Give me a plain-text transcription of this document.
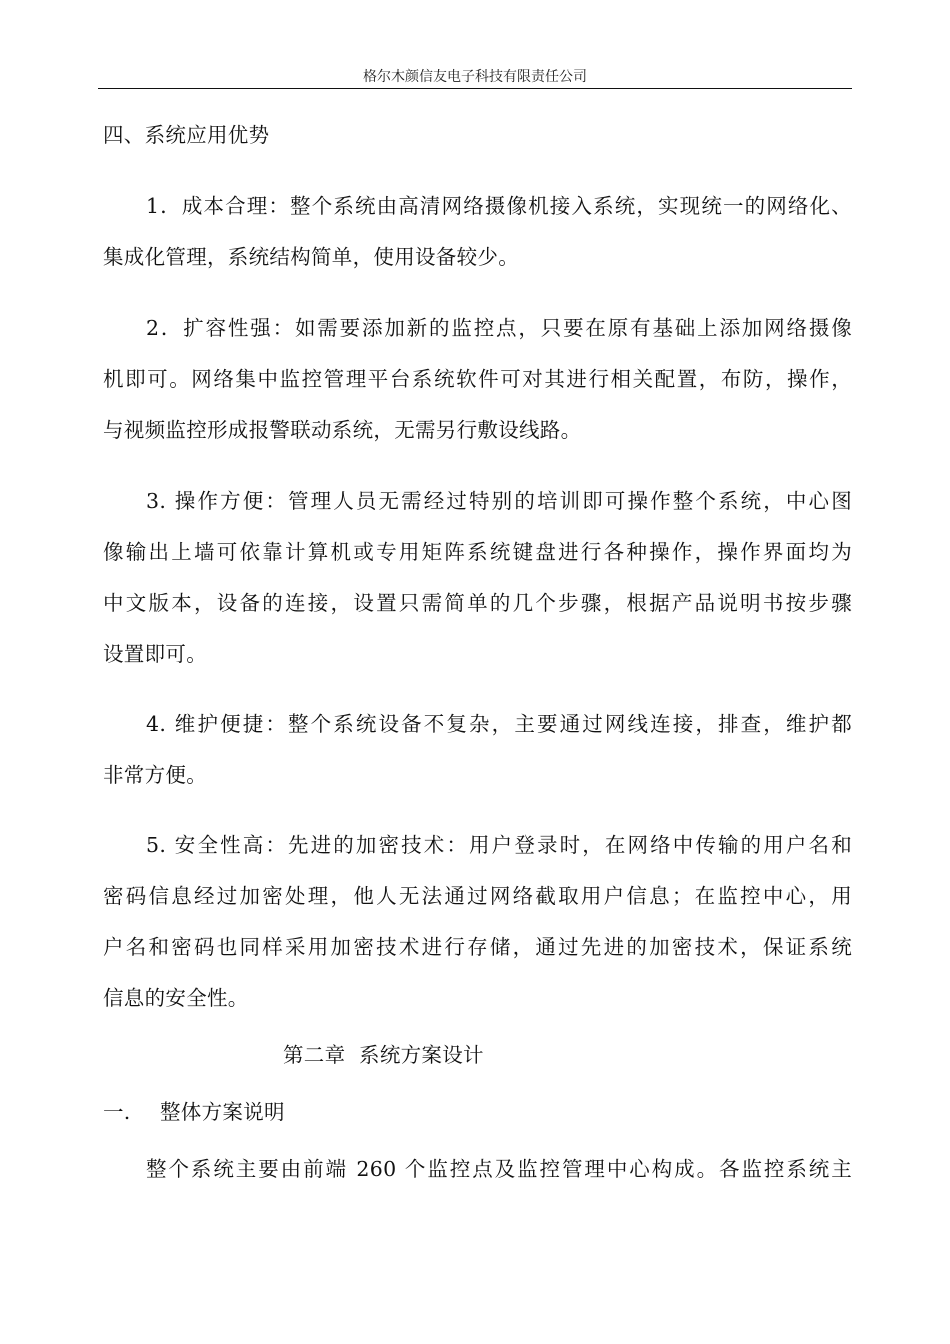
格尔木颜信友电子科技有限责任公司
四、系统应用优势
1．成本合理：整个系统由高清网络摄像机接入系统，实现统一的网络化、
集成化管理，系统结构简单，使用设备较少。
2．扩容性强：如需要添加新的监控点，只要在原有基础上添加网络摄像
机即可。网络集中监控管理平台系统软件可对其进行相关配置，布防，操作，
与视频监控形成报警联动系统，无需另行敷设线路。
3. 操作方便：管理人员无需经过特别的培训即可操作整个系统，中心图
像输出上墙可依靠计算机或专用矩阵系统键盘进行各种操作，操作界面均为
中文版本，设备的连接，设置只需简单的几个步骤，根据产品说明书按步骤
设置即可。
4. 维护便捷：整个系统设备不复杂，主要通过网线连接，排查，维护都
非常方便。
5. 安全性高：先进的加密技术：用户登录时，在网络中传输的用户名和
密码信息经过加密处理，他人无法通过网络截取用户信息；在监控中心，用
户名和密码也同样采用加密技术进行存储，通过先进的加密技术，保证系统
信息的安全性。
第二章  系统方案设计
一.	整体方案说明
整个系统主要由前端 260 个监控点及监控管理中心构成。各监控系统主
